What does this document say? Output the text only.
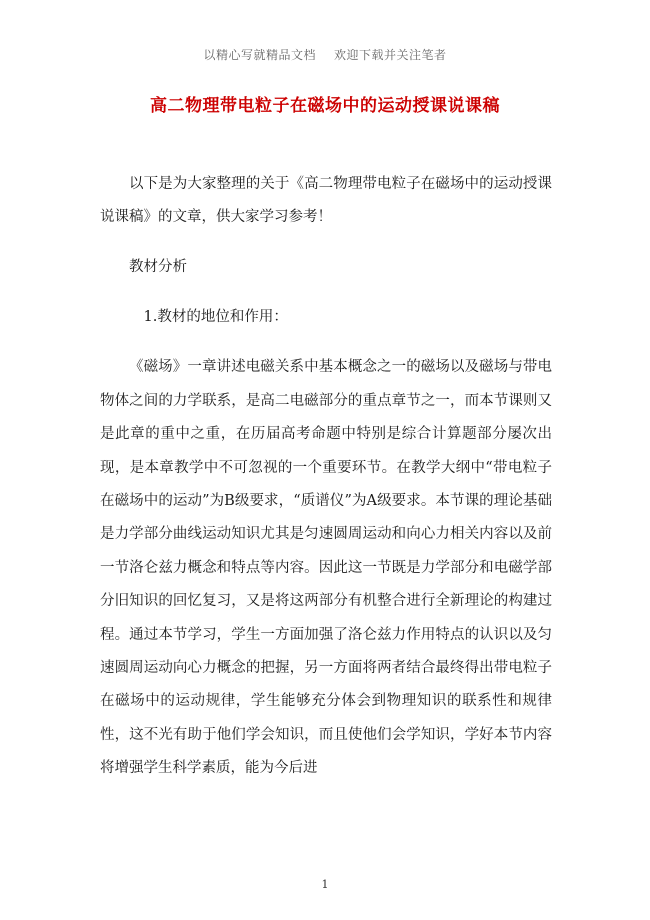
以精心写就精品文档 欢迎下载并关注笔者
高二物理带电粒子在磁场中的运动授课说课稿

以下是为大家整理的关于《高二物理带电粒子在磁场中的运动授课说课稿》的文章，供大家学习参考！

教材分析

1.教材的地位和作用：

《磁场》一章讲述电磁关系中基本概念之一的磁场以及磁场与带电物体之间的力学联系，是高二电磁部分的重点章节之一，而本节课则又是此章的重中之重，在历届高考命题中特别是综合计算题部分屡次出现，是本章教学中不可忽视的一个重要环节。在教学大纲中“带电粒子在磁场中的运动”为B级要求，“质谱仪”为A级要求。本节课的理论基础是力学部分曲线运动知识尤其是匀速圆周运动和向心力相关内容以及前一节洛仑兹力概念和特点等内容。因此这一节既是力学部分和电磁学部分旧知识的回忆复习，又是将这两部分有机整合进行全新理论的构建过程。通过本节学习，学生一方面加强了洛仑兹力作用特点的认识以及匀速圆周运动向心力概念的把握，另一方面将两者结合最终得出带电粒子在磁场中的运动规律，学生能够充分体会到物理知识的联系性和规律性，这不光有助于他们学会知识，而且使他们会学知识，学好本节内容将增强学生科学素质，能为今后进

1
